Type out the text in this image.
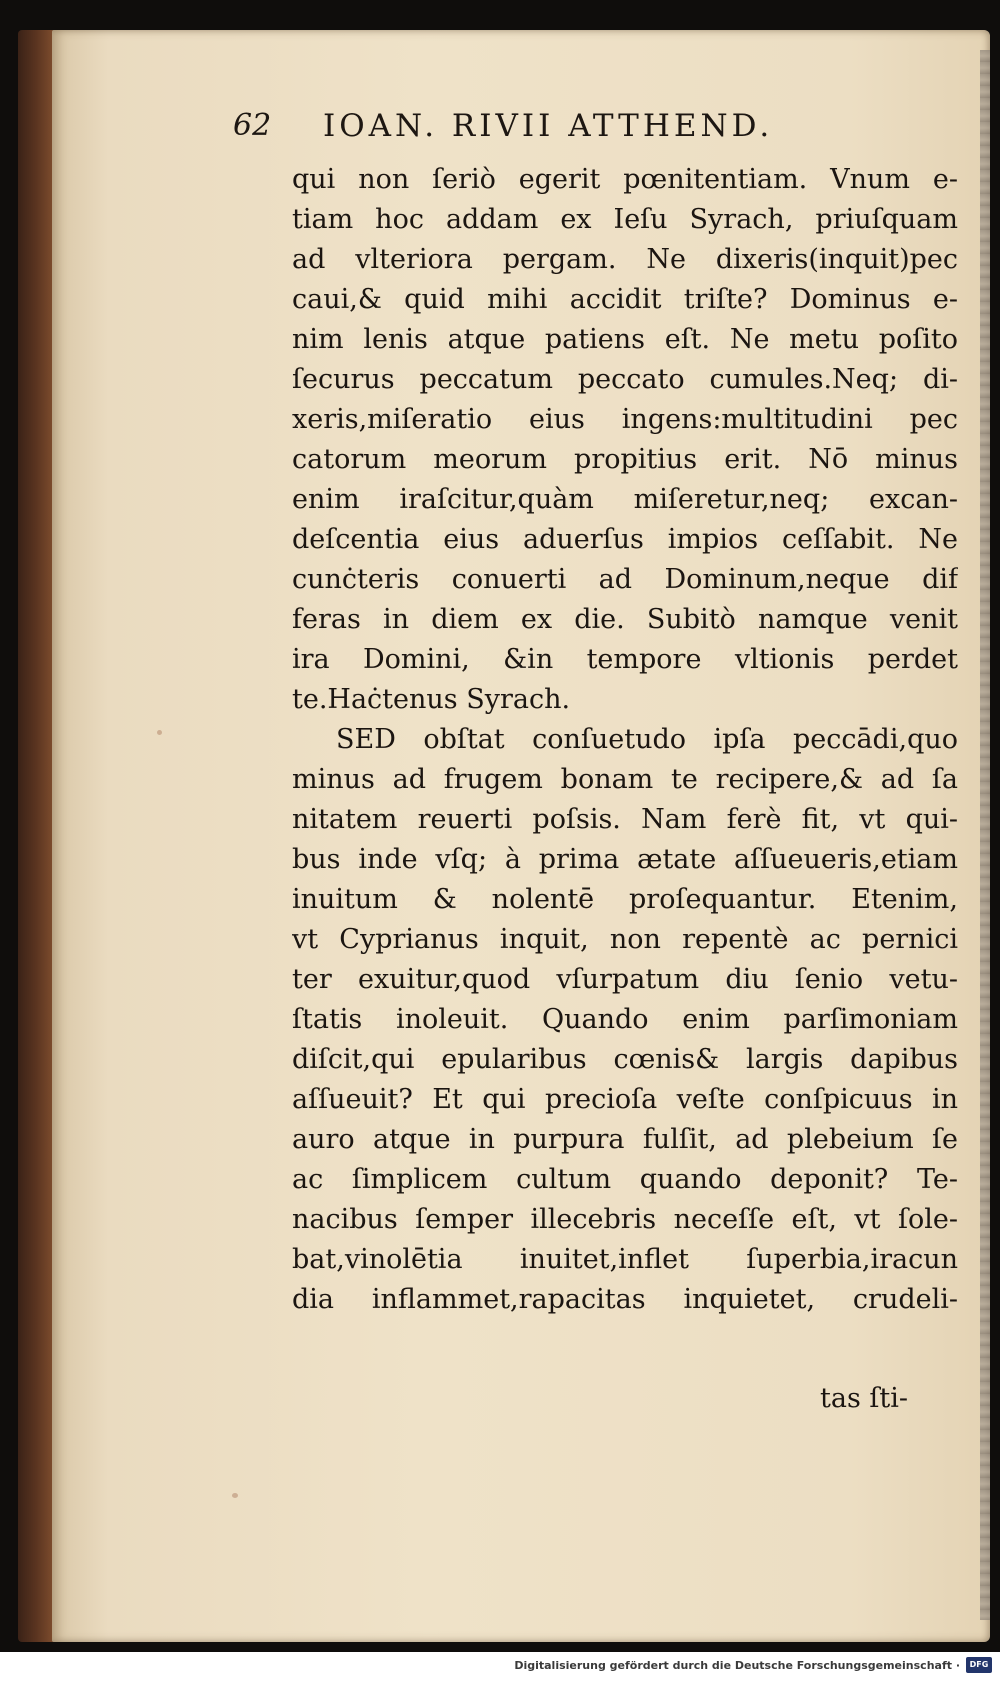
62 IOAN. RIVII ATTHEND.
qui non ſeriò egerit pœnitentiam. Vnum e-
tiam hoc addam ex Ieſu Syrach, priuſquam
ad vlteriora pergam. Ne dixeris(inquit)pec
caui,& quid mihi accidit triſte? Dominus e-
nim lenis atque patiens eſt. Ne metu poſito
ſecurus peccatum peccato cumules.Neq; di-
xeris,miſeratio eius ingens:multitudini pec
catorum meorum propitius erit. Nō minus
enim iraſcitur,quàm miſeretur,neq; excan-
deſcentia eius aduerſus impios ceſſabit. Ne
cunċteris conuerti ad Dominum,neque dif
feras in diem ex die. Subitò namque venit
ira Domini, &in tempore vltionis perdet
te.Haċtenus Syrach.
SED obſtat conſuetudo ipſa peccādi,quo
minus ad frugem bonam te recipere,& ad ſa
nitatem reuerti poſsis. Nam ferè fit, vt qui-
bus inde vſq; à prima ætate aſſueueris,etiam
inuitum & nolentē proſequantur. Etenim,
vt Cyprianus inquit, non repentè ac pernici
ter exuitur,quod vſurpatum diu ſenio vetu-
ſtatis inoleuit. Quando enim parſimoniam
diſcit,qui epularibus cœnis& largis dapibus
aſſueuit? Et qui precioſa veſte conſpicuus in
auro atque in purpura fulſit, ad plebeium ſe
ac ſimplicem cultum quando deponit? Te-
nacibus ſemper illecebris neceſſe eſt, vt ſole-
bat,vinolētia inuitet,inflet ſuperbia,iracun
dia inflammet,rapacitas inquietet, crudeli-
tas ſti-
Digitalisierung gefördert durch die Deutsche Forschungsgemeinschaft ·	DFG
